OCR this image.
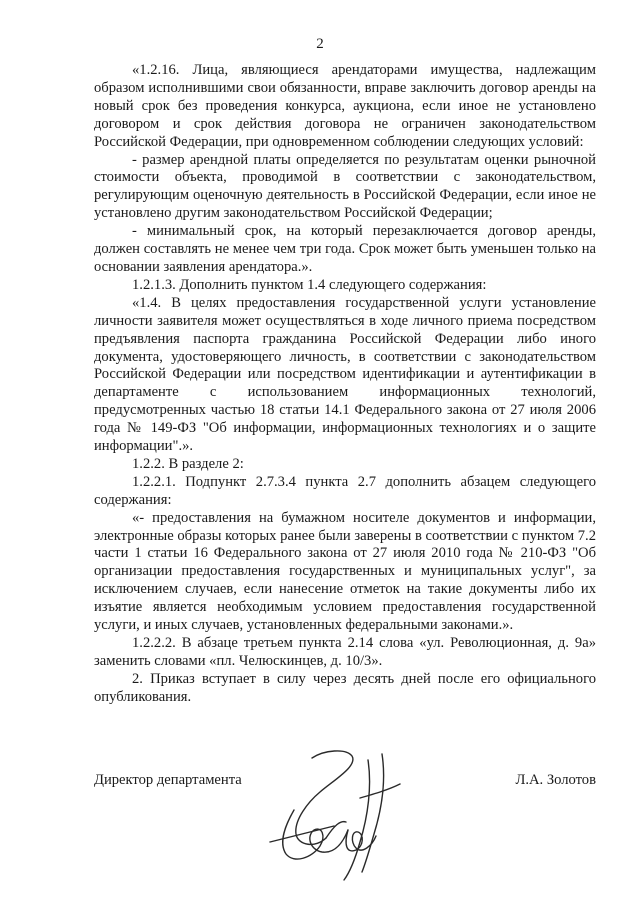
2

«1.2.16. Лица, являющиеся арендаторами имущества, надлежащим образом исполнившими свои обязанности, вправе заключить договор аренды на новый срок без проведения конкурса, аукциона, если иное не установлено договором и срок действия договора не ограничен законодательством Российской Федерации, при одновременном соблюдении следующих условий:

- размер арендной платы определяется по результатам оценки рыночной стоимости объекта, проводимой в соответствии с законодательством, регулирующим оценочную деятельность в Российской Федерации, если иное не установлено другим законодательством Российской Федерации;

- минимальный срок, на который перезаключается договор аренды, должен составлять не менее чем три года. Срок может быть уменьшен только на основании заявления арендатора.».

1.2.1.3. Дополнить пунктом 1.4 следующего содержания:

«1.4. В целях предоставления государственной услуги установление личности заявителя может осуществляться в ходе личного приема посредством предъявления паспорта гражданина Российской Федерации либо иного документа, удостоверяющего личность, в соответствии с законодательством Российской Федерации или посредством идентификации и аутентификации в департаменте с использованием информационных технологий, предусмотренных частью 18 статьи 14.1 Федерального закона от 27 июля 2006 года № 149-ФЗ "Об информации, информационных технологиях и о защите информации".».

1.2.2. В разделе 2:

1.2.2.1. Подпункт 2.7.3.4 пункта 2.7 дополнить абзацем следующего содержания:

«- предоставления на бумажном носителе документов и информации, электронные образы которых ранее были заверены в соответствии с пунктом 7.2 части 1 статьи 16 Федерального закона от 27 июля 2010 года № 210-ФЗ "Об организации предоставления государственных и муниципальных услуг", за исключением случаев, если нанесение отметок на такие документы либо их изъятие является необходимым условием предоставления государственной услуги, и иных случаев, установленных федеральными законами.».

1.2.2.2. В абзаце третьем пункта 2.14 слова «ул. Революционная, д. 9а» заменить словами «пл. Челюскинцев, д. 10/3».

2. Приказ вступает в силу через десять дней после его официального опубликования.

Директор департамента	Л.А. Золотов
